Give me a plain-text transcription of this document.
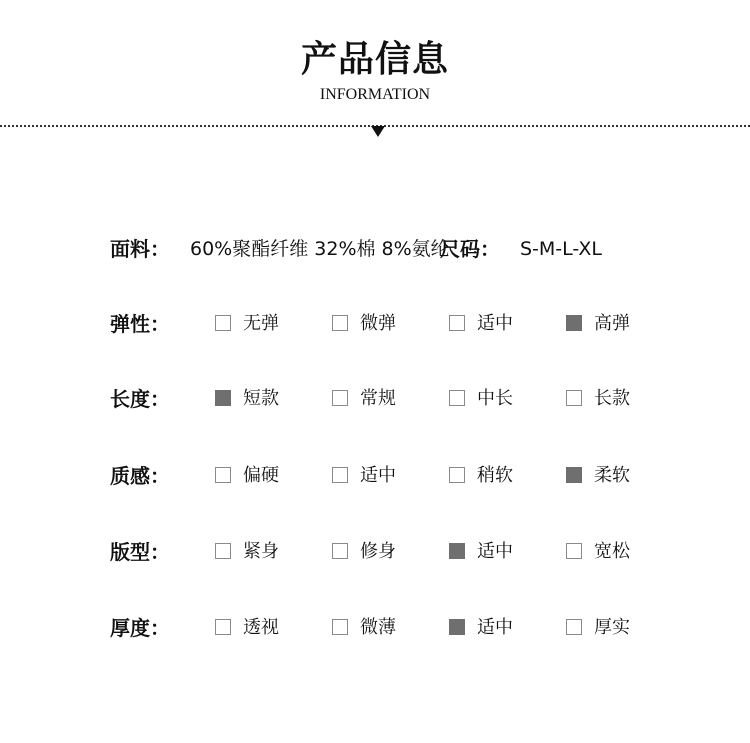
产品信息
INFORMATION
面料： 60%聚酯纤维 32%棉 8%氨纶
尺码： S-M-L-XL
弹性：	无弹	微弹	适中	高弹
长度：	短款	常规	中长	长款
质感：	偏硬	适中	稍软	柔软
版型：	紧身	修身	适中	宽松
厚度：	透视	微薄	适中	厚实
